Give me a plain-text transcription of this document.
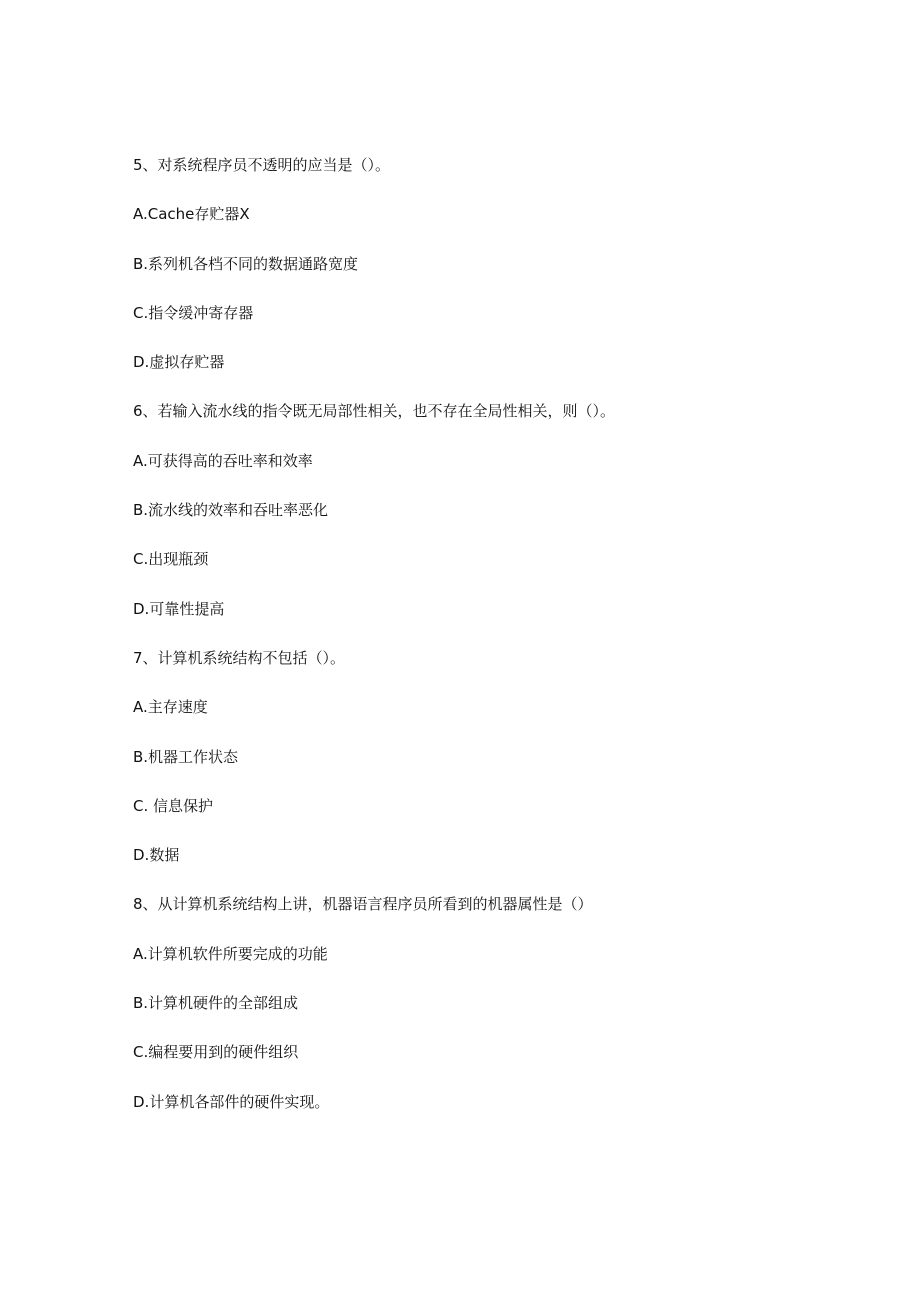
5、对系统程序员不透明的应当是（）。
A.Cache存贮器X
B.系列机各档不同的数据通路宽度
C.指令缓冲寄存器
D.虚拟存贮器
6、若输入流水线的指令既无局部性相关，也不存在全局性相关，则（）。
A.可获得高的吞吐率和效率
B.流水线的效率和吞吐率恶化
C.出现瓶颈
D.可靠性提高
7、计算机系统结构不包括（）。
A.主存速度
B.机器工作状态
C. 信息保护
D.数据
8、从计算机系统结构上讲，机器语言程序员所看到的机器属性是（）
A.计算机软件所要完成的功能
B.计算机硬件的全部组成
C.编程要用到的硬件组织
D.计算机各部件的硬件实现。
